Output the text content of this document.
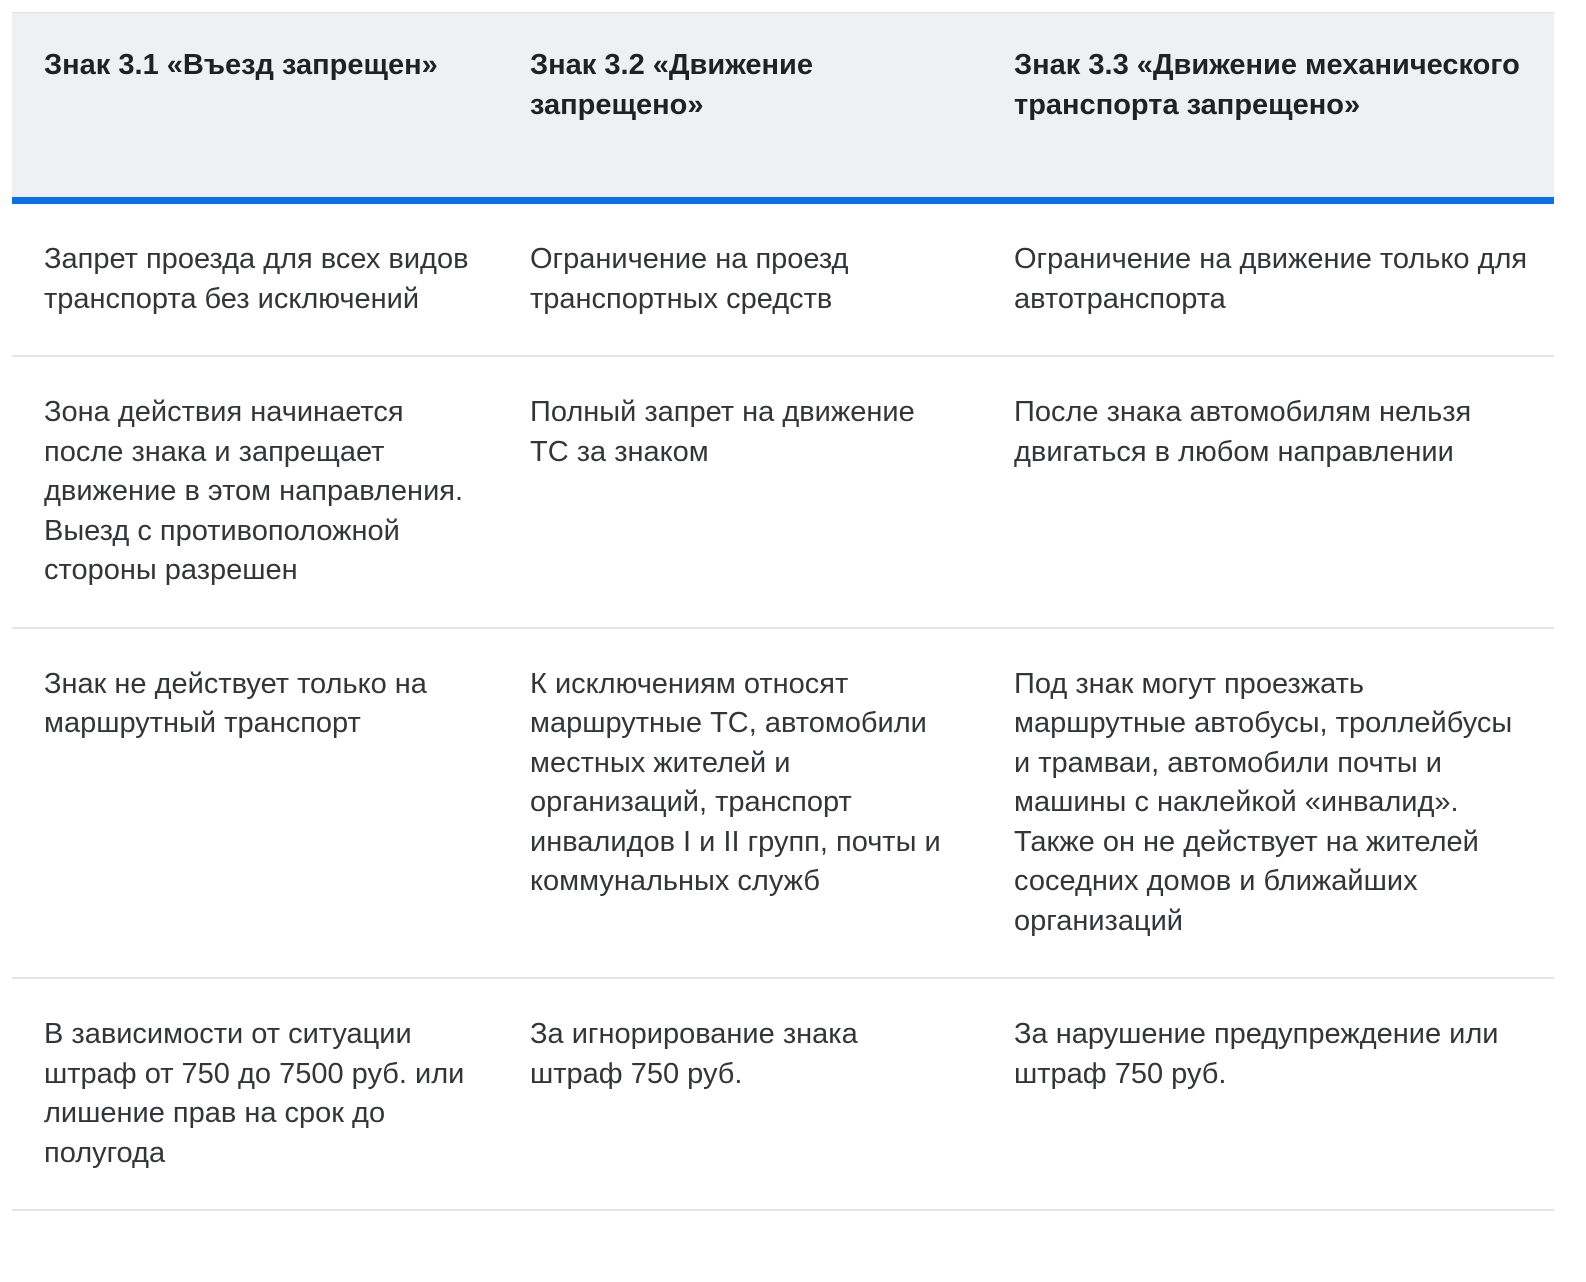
Знак 3.1 «Въезд запрещен»	Знак 3.2 «Движение запрещено»	Знак 3.3 «Движение механического транспорта запрещено»
Запрет проезда для всех видов транспорта без исключений	Ограничение на проезд транспортных средств	Ограничение на движение только для автотранспорта
Зона действия начинается после знака и запрещает движение в этом направления. Выезд с противоположной стороны разрешен	Полный запрет на движение ТС за знаком	После знака автомобилям нельзя двигаться в любом направлении
Знак не действует только на маршрутный транспорт	К исключениям относят маршрутные ТС, автомобили местных жителей и организаций, транспорт инвалидов I и II групп, почты и коммунальных служб	Под знак могут проезжать маршрутные автобусы, троллейбусы и трамваи, автомобили почты и машины с наклейкой «инвалид». Также он не действует на жителей соседних домов и ближайших организаций
В зависимости от ситуации штраф от 750 до 7500 руб. или лишение прав на срок до полугода	За игнорирование знака штраф 750 руб.	За нарушение предупреждение или штраф 750 руб.
